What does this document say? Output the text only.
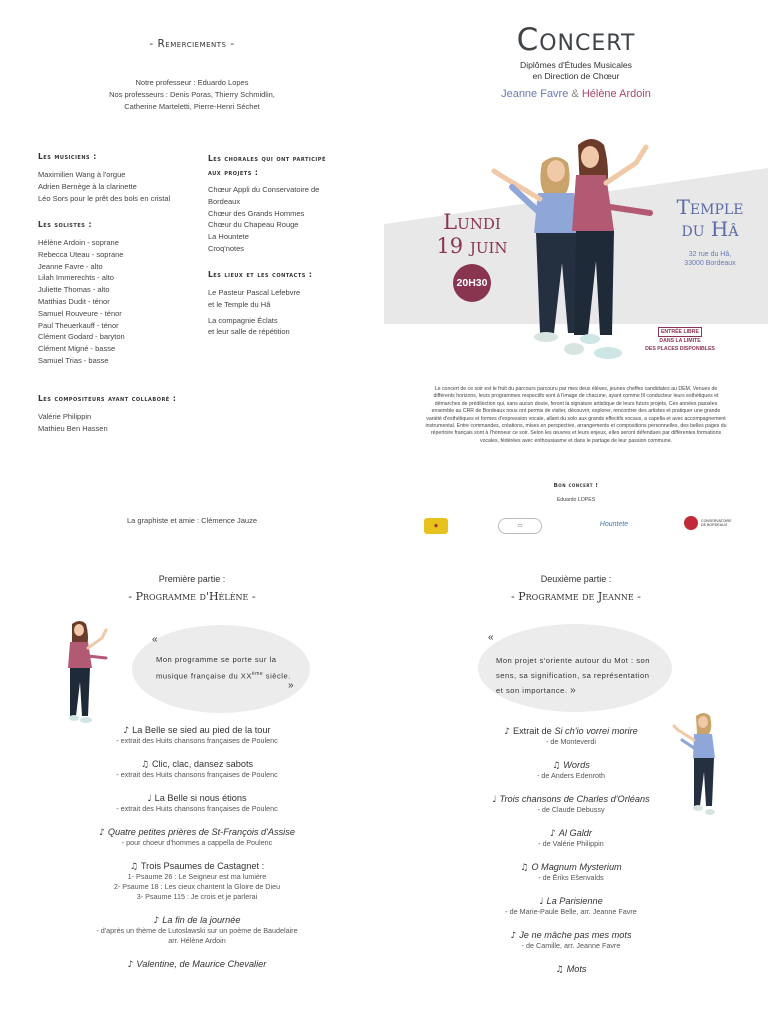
- Remerciements -
Notre professeur : Eduardo Lopes
Nos professeurs : Denis Poras, Thierry Schmidlin,
Catherine Marteletti, Pierre-Henri Séchet
Les musiciens :
Maximilien Wang à l'orgue
Adrien Bernège à la clarinette
Léo Sors pour le prêt des bols en cristal
Les solistes :
Hélène Ardoin - soprane
Rebecca Uteau - soprane
Jeanne Favre - alto
Lilah Immerechts - alto
Juliette Thomas - alto
Matthias Dudit - ténor
Samuel Rouveure - ténor
Paul Theuerkauff - ténor
Clément Godard - baryton
Clément Migné - basse
Samuel Trias - basse
Les compositeurs ayant collaboré :
Valérie Philippin
Mathieu Ben Hassen
Les chorales qui ont participé
aux projets :
Chœur Appli du Conservatoire de
Bordeaux
Chœur des Grands Hommes
Chœur du Chapeau Rouge
La Hountete
Croq'notes
Les lieux et les contacts :
Le Pasteur Pascal Lefebvre
et le Temple du Hâ
La compagnie Éclats
et leur salle de répétition
La graphiste et amie : Clémence Jauze
Concert
Diplômes d'Études Musicales
en Direction de Chœur
Jeanne Favre & Hélène Ardoin
Lundi
19 juin
20H30
Temple
du Hâ
32 rue du Hâ,
33000 Bordeaux
ENTRÉE LIBRE
DANS LA LIMITE
DES PLACES DISPONIBLES
Le concert de ce soir est le fruit du parcours parcouru par mes deux élèves, jeunes cheffes candidates au DEM. Venues de différents horizons, leurs programmes respectifs sont à l'image de chacune, ayant comme fil conducteur leurs esthétiques et démarches de prédilection qui, sans aucun doute, feront la signature artistique de leurs futurs projets. Ces années passées ensemble au CRR de Bordeaux nous ont permis de visiter, découvrir, explorer, rencontrer des artistes et pratiquer une grande variété d'esthétiques et formes d'expression vocale, allant du solo aux grands effectifs vocaux, a capella et avec accompagnement instrumental. Entre commandes, créations, mises en perspective, arrangements et compositions personnelles, des belles pages du répertoire français sont à l'honneur ce soir. Selon les œuvres et leurs enjeux, elles seront défendues par différentes formations vocales, fédérées avec enthousiasme et dans le partage de leur passion commune.
Bon concert !
Eduardo LOPES
◆	▭	Hountete	CONSERVATOIRE DE BORDEAUX
Première partie :
- Programme d'Hélène -
«
Mon programme se porte sur la
musique française du XXème siècle.
»
♪ La Belle se sied au pied de la tour
- extrait des Huits chansons françaises de Poulenc
♫ Clic, clac, dansez sabots
- extrait des Huits chansons françaises de Poulenc
♩ La Belle si nous étions
- extrait des Huits chansons françaises de Poulenc
♪ Quatre petites prières de St-François d'Assise
- pour choeur d'hommes a cappella de Poulenc
♫ Trois Psaumes de Castagnet :
1- Psaume 26 : Le Seigneur est ma lumière
2- Psaume 18 : Les cieux chantent la Gloire de Dieu
3- Psaume 115 : Je crois et je parlerai
♪ La fin de la journée
- d'après un thème de Lutoslawski sur un poème de Baudelaire
arr. Hélène Ardoin
♪ Valentine, de Maurice Chevalier
Deuxième partie :
- Programme de Jeanne -
«
Mon projet s'oriente autour du Mot : son
sens, sa signification, sa représentation
et son importance. »
♪ Extrait de Si ch'io vorrei morire
- de Monteverdi
♫ Words
- de Anders Edenroth
♩ Trois chansons de Charles d'Orléans
- de Claude Debussy
♪ Al Galdr
- de Valérie Philippin
♫ O Magnum Mysterium
- de Ēriks Ešenvalds
♩ La Parisienne
- de Marie-Paule Belle, arr. Jeanne Favre
♪ Je ne mâche pas mes mots
- de Camille, arr. Jeanne Favre
♫ Mots
